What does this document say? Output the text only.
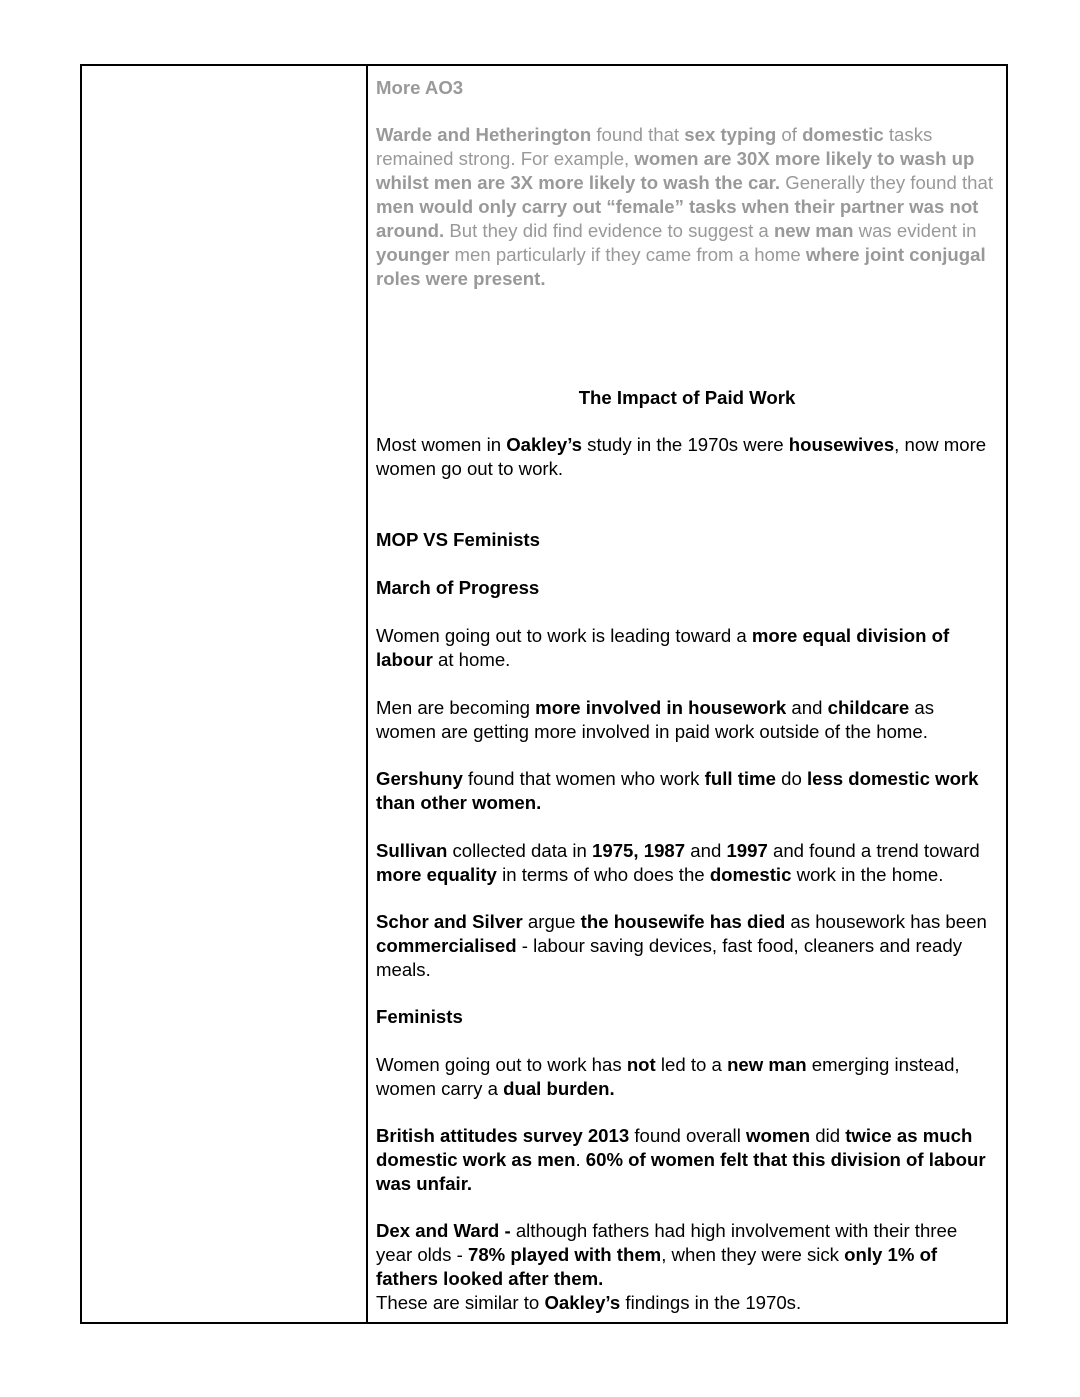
More AO3

Warde and Hetherington found that sex typing of domestic tasks remained strong. For example, women are 30X more likely to wash up whilst men are 3X more likely to wash the car. Generally they found that men would only carry out “female” tasks when their partner was not around. But they did find evidence to suggest a new man was evident in younger men particularly if they came from a home where joint conjugal roles were present.

The Impact of Paid Work

Most women in Oakley’s study in the 1970s were housewives, now more women go out to work.

MOP VS Feminists

March of Progress

Women going out to work is leading toward a more equal division of labour at home.

Men are becoming more involved in housework and childcare as women are getting more involved in paid work outside of the home.

Gershuny found that women who work full time do less domestic work than other women.

Sullivan collected data in 1975, 1987 and 1997 and found a trend toward more equality in terms of who does the domestic work in the home.

Schor and Silver argue the housewife has died as housework has been commercialised - labour saving devices, fast food, cleaners and ready meals.

Feminists

Women going out to work has not led to a new man emerging instead, women carry a dual burden.

British attitudes survey 2013 found overall women did twice as much domestic work as men. 60% of women felt that this division of labour was unfair.

Dex and Ward - although fathers had high involvement with their three year olds - 78% played with them, when they were sick only 1% of fathers looked after them.

These are similar to Oakley’s findings in the 1970s.
